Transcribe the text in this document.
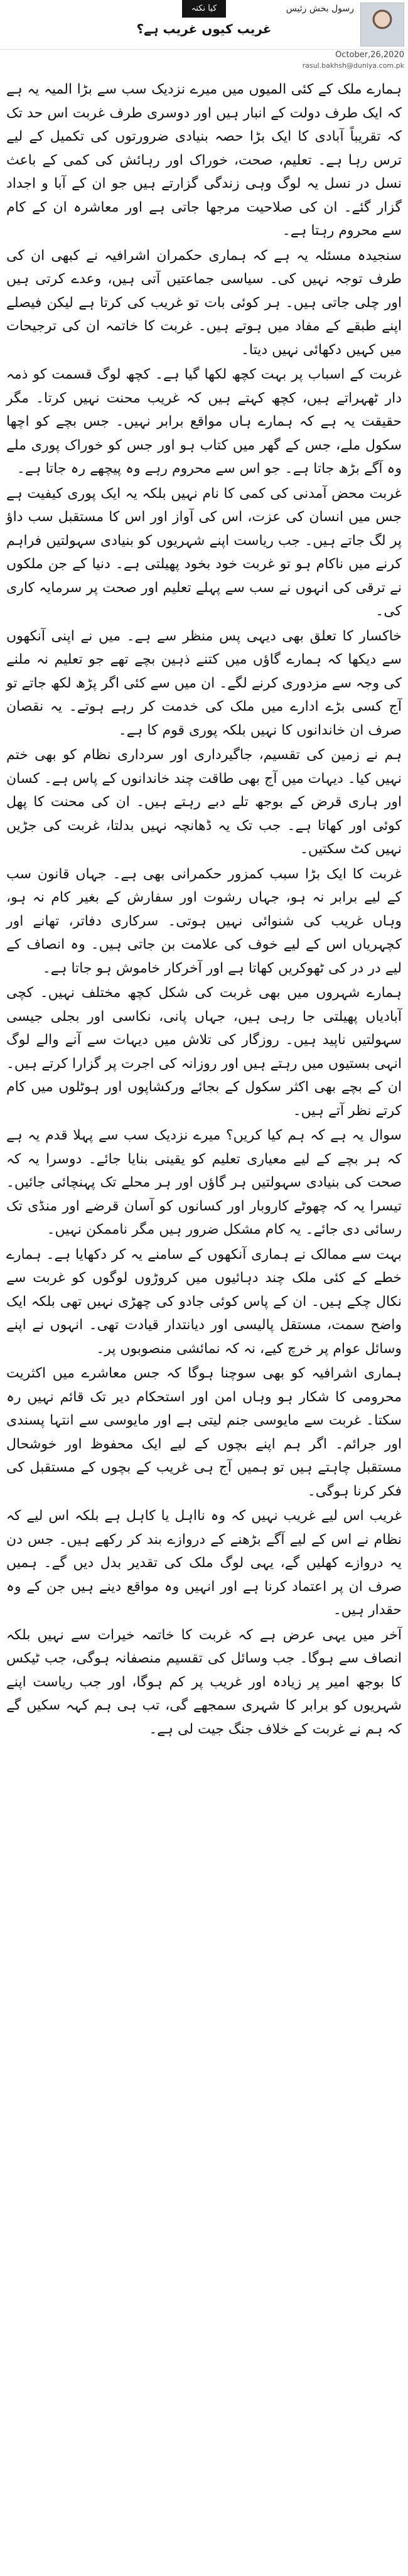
کیا نکتہ	رسول بخش رئیس
غریب کیوں غریب ہے؟
October,26,2020
rasul.bakhsh@duniya.com.pk

ہمارے ملک کے کئی المیوں میں میرے نزدیک سب سے بڑا المیہ یہ ہے کہ ایک طرف دولت کے انبار ہیں اور دوسری طرف غربت اس حد تک کہ تقریباً آبادی کا ایک بڑا حصہ بنیادی ضرورتوں کی تکمیل کے لیے ترس رہا ہے۔ تعلیم، صحت، خوراک اور رہائش کی کمی کے باعث نسل در نسل یہ لوگ وہی زندگی گزارتے ہیں جو ان کے آبا و اجداد گزار گئے۔ ان کی صلاحیت مرجھا جاتی ہے اور معاشرہ ان کے کام سے محروم رہتا ہے۔

سنجیدہ مسئلہ یہ ہے کہ ہماری حکمران اشرافیہ نے کبھی ان کی طرف توجہ نہیں کی۔ سیاسی جماعتیں آتی ہیں، وعدے کرتی ہیں اور چلی جاتی ہیں۔ ہر کوئی بات تو غریب کی کرتا ہے لیکن فیصلے اپنے طبقے کے مفاد میں ہوتے ہیں۔ غربت کا خاتمہ ان کی ترجیحات میں کہیں دکھائی نہیں دیتا۔

غربت کے اسباب پر بہت کچھ لکھا گیا ہے۔ کچھ لوگ قسمت کو ذمہ دار ٹھہراتے ہیں، کچھ کہتے ہیں کہ غریب محنت نہیں کرتا۔ مگر حقیقت یہ ہے کہ ہمارے ہاں مواقع برابر نہیں۔ جس بچے کو اچھا سکول ملے، جس کے گھر میں کتاب ہو اور جس کو خوراک پوری ملے وہ آگے بڑھ جاتا ہے۔ جو اس سے محروم رہے وہ پیچھے رہ جاتا ہے۔

غربت محض آمدنی کی کمی کا نام نہیں بلکہ یہ ایک پوری کیفیت ہے جس میں انسان کی عزت، اس کی آواز اور اس کا مستقبل سب داؤ پر لگ جاتے ہیں۔ جب ریاست اپنے شہریوں کو بنیادی سہولتیں فراہم کرنے میں ناکام ہو تو غربت خود بخود پھیلتی ہے۔ دنیا کے جن ملکوں نے ترقی کی انہوں نے سب سے پہلے تعلیم اور صحت پر سرمایہ کاری کی۔

خاکسار کا تعلق بھی دیہی پس منظر سے ہے۔ میں نے اپنی آنکھوں سے دیکھا کہ ہمارے گاؤں میں کتنے ذہین بچے تھے جو تعلیم نہ ملنے کی وجہ سے مزدوری کرنے لگے۔ ان میں سے کئی اگر پڑھ لکھ جاتے تو آج کسی بڑے ادارے میں ملک کی خدمت کر رہے ہوتے۔ یہ نقصان صرف ان خاندانوں کا نہیں بلکہ پوری قوم کا ہے۔

ہم نے زمین کی تقسیم، جاگیرداری اور سرداری نظام کو بھی ختم نہیں کیا۔ دیہات میں آج بھی طاقت چند خاندانوں کے پاس ہے۔ کسان اور ہاری قرض کے بوجھ تلے دبے رہتے ہیں۔ ان کی محنت کا پھل کوئی اور کھاتا ہے۔ جب تک یہ ڈھانچہ نہیں بدلتا، غربت کی جڑیں نہیں کٹ سکتیں۔

غربت کا ایک بڑا سبب کمزور حکمرانی بھی ہے۔ جہاں قانون سب کے لیے برابر نہ ہو، جہاں رشوت اور سفارش کے بغیر کام نہ ہو، وہاں غریب کی شنوائی نہیں ہوتی۔ سرکاری دفاتر، تھانے اور کچہریاں اس کے لیے خوف کی علامت بن جاتی ہیں۔ وہ انصاف کے لیے در در کی ٹھوکریں کھاتا ہے اور آخرکار خاموش ہو جاتا ہے۔

ہمارے شہروں میں بھی غربت کی شکل کچھ مختلف نہیں۔ کچی آبادیاں پھیلتی جا رہی ہیں، جہاں پانی، نکاسی اور بجلی جیسی سہولتیں ناپید ہیں۔ روزگار کی تلاش میں دیہات سے آنے والے لوگ انہی بستیوں میں رہتے ہیں اور روزانہ کی اجرت پر گزارا کرتے ہیں۔ ان کے بچے بھی اکثر سکول کے بجائے ورکشاپوں اور ہوٹلوں میں کام کرتے نظر آتے ہیں۔

سوال یہ ہے کہ ہم کیا کریں؟ میرے نزدیک سب سے پہلا قدم یہ ہے کہ ہر بچے کے لیے معیاری تعلیم کو یقینی بنایا جائے۔ دوسرا یہ کہ صحت کی بنیادی سہولتیں ہر گاؤں اور ہر محلے تک پہنچائی جائیں۔ تیسرا یہ کہ چھوٹے کاروبار اور کسانوں کو آسان قرضے اور منڈی تک رسائی دی جائے۔ یہ کام مشکل ضرور ہیں مگر ناممکن نہیں۔

بہت سے ممالک نے ہماری آنکھوں کے سامنے یہ کر دکھایا ہے۔ ہمارے خطے کے کئی ملک چند دہائیوں میں کروڑوں لوگوں کو غربت سے نکال چکے ہیں۔ ان کے پاس کوئی جادو کی چھڑی نہیں تھی بلکہ ایک واضح سمت، مستقل پالیسی اور دیانتدار قیادت تھی۔ انہوں نے اپنے وسائل عوام پر خرچ کیے، نہ کہ نمائشی منصوبوں پر۔

ہماری اشرافیہ کو بھی سوچنا ہوگا کہ جس معاشرے میں اکثریت محرومی کا شکار ہو وہاں امن اور استحکام دیر تک قائم نہیں رہ سکتا۔ غربت سے مایوسی جنم لیتی ہے اور مایوسی سے انتہا پسندی اور جرائم۔ اگر ہم اپنے بچوں کے لیے ایک محفوظ اور خوشحال مستقبل چاہتے ہیں تو ہمیں آج ہی غریب کے بچوں کے مستقبل کی فکر کرنا ہوگی۔

غریب اس لیے غریب نہیں کہ وہ نااہل یا کاہل ہے بلکہ اس لیے کہ نظام نے اس کے لیے آگے بڑھنے کے دروازے بند کر رکھے ہیں۔ جس دن یہ دروازے کھلیں گے، یہی لوگ ملک کی تقدیر بدل دیں گے۔ ہمیں صرف ان پر اعتماد کرنا ہے اور انہیں وہ مواقع دینے ہیں جن کے وہ حقدار ہیں۔

آخر میں یہی عرض ہے کہ غربت کا خاتمہ خیرات سے نہیں بلکہ انصاف سے ہوگا۔ جب وسائل کی تقسیم منصفانہ ہوگی، جب ٹیکس کا بوجھ امیر پر زیادہ اور غریب پر کم ہوگا، اور جب ریاست اپنے شہریوں کو برابر کا شہری سمجھے گی، تب ہی ہم کہہ سکیں گے کہ ہم نے غربت کے خلاف جنگ جیت لی ہے۔
